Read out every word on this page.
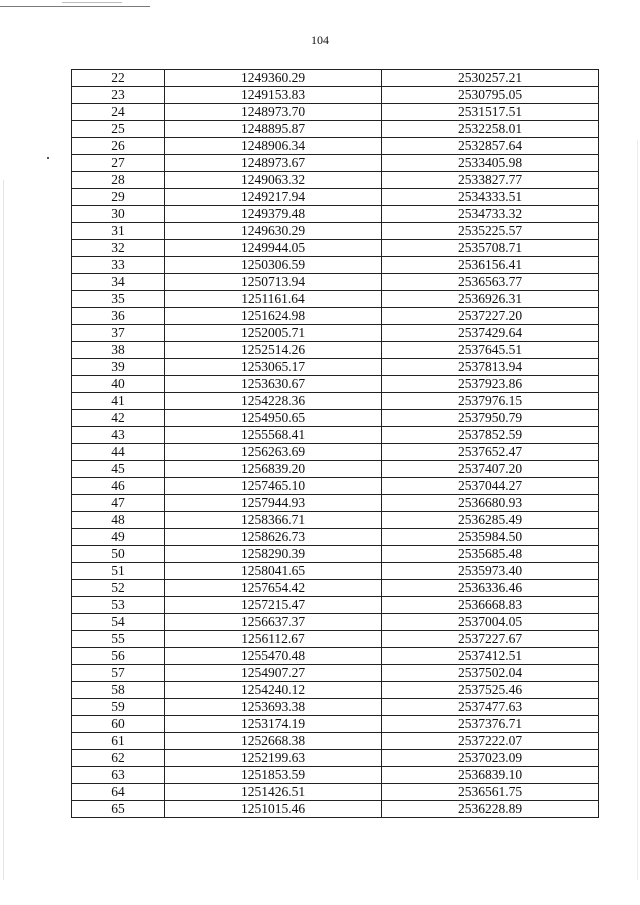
104
22	1249360.29	2530257.21
23	1249153.83	2530795.05
24	1248973.70	2531517.51
25	1248895.87	2532258.01
26	1248906.34	2532857.64
27	1248973.67	2533405.98
28	1249063.32	2533827.77
29	1249217.94	2534333.51
30	1249379.48	2534733.32
31	1249630.29	2535225.57
32	1249944.05	2535708.71
33	1250306.59	2536156.41
34	1250713.94	2536563.77
35	1251161.64	2536926.31
36	1251624.98	2537227.20
37	1252005.71	2537429.64
38	1252514.26	2537645.51
39	1253065.17	2537813.94
40	1253630.67	2537923.86
41	1254228.36	2537976.15
42	1254950.65	2537950.79
43	1255568.41	2537852.59
44	1256263.69	2537652.47
45	1256839.20	2537407.20
46	1257465.10	2537044.27
47	1257944.93	2536680.93
48	1258366.71	2536285.49
49	1258626.73	2535984.50
50	1258290.39	2535685.48
51	1258041.65	2535973.40
52	1257654.42	2536336.46
53	1257215.47	2536668.83
54	1256637.37	2537004.05
55	1256112.67	2537227.67
56	1255470.48	2537412.51
57	1254907.27	2537502.04
58	1254240.12	2537525.46
59	1253693.38	2537477.63
60	1253174.19	2537376.71
61	1252668.38	2537222.07
62	1252199.63	2537023.09
63	1251853.59	2536839.10
64	1251426.51	2536561.75
65	1251015.46	2536228.89
